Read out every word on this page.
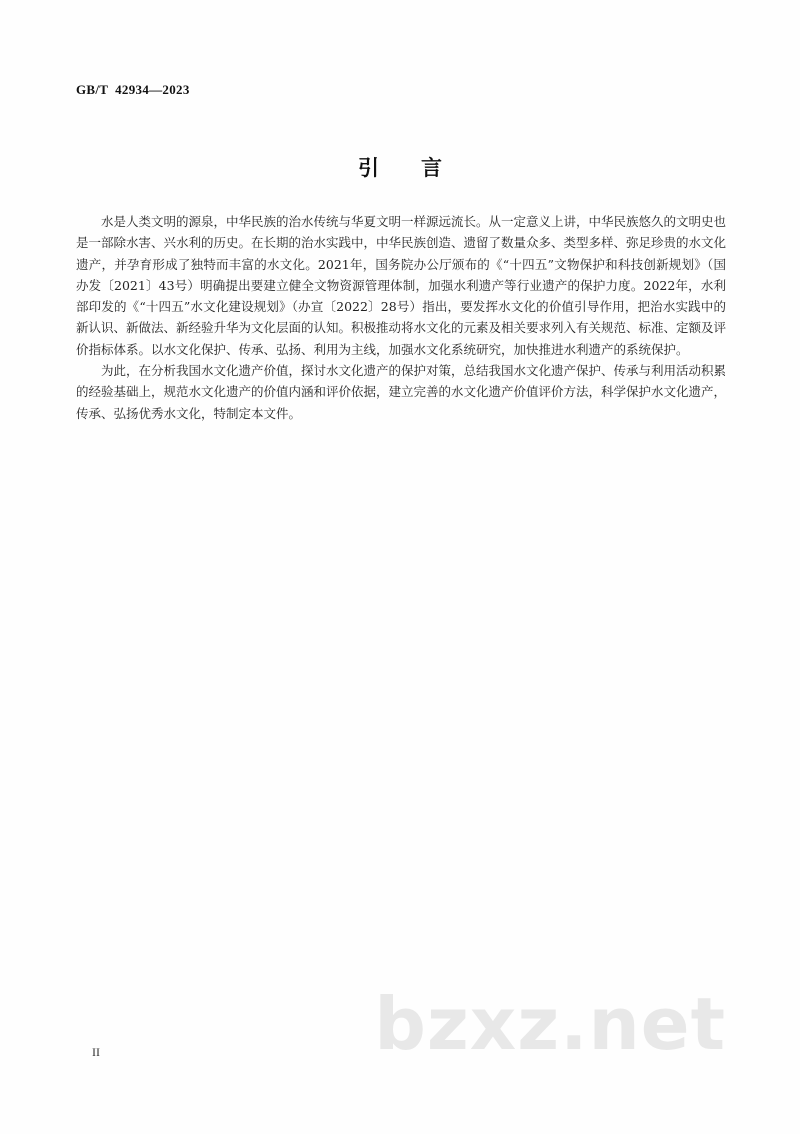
GB/T  42934—2023
引 言

水是人类文明的源泉，中华民族的治水传统与华夏文明一样源远流长。从一定意义上讲，中华民族悠久的文明史也是一部除水害、兴水利的历史。在长期的治水实践中，中华民族创造、遗留了数量众多、类型多样、弥足珍贵的水文化遗产，并孕育形成了独特而丰富的水文化。2021年，国务院办公厅颁布的《“十四五”文物保护和科技创新规划》（国办发〔2021〕43号）明确提出要建立健全文物资源管理体制，加强水利遗产等行业遗产的保护力度。2022年，水利部印发的《“十四五”水文化建设规划》（办宣〔2022〕28号）指出，要发挥水文化的价值引导作用，把治水实践中的新认识、新做法、新经验升华为文化层面的认知。积极推动将水文化的元素及相关要求列入有关规范、标准、定额及评价指标体系。以水文化保护、传承、弘扬、利用为主线，加强水文化系统研究，加快推进水利遗产的系统保护。

为此，在分析我国水文化遗产价值，探讨水文化遗产的保护对策，总结我国水文化遗产保护、传承与利用活动积累的经验基础上，规范水文化遗产的价值内涵和评价依据，建立完善的水文化遗产价值评价方法，科学保护水文化遗产，传承、弘扬优秀水文化，特制定本文件。

II	bzxz.net
